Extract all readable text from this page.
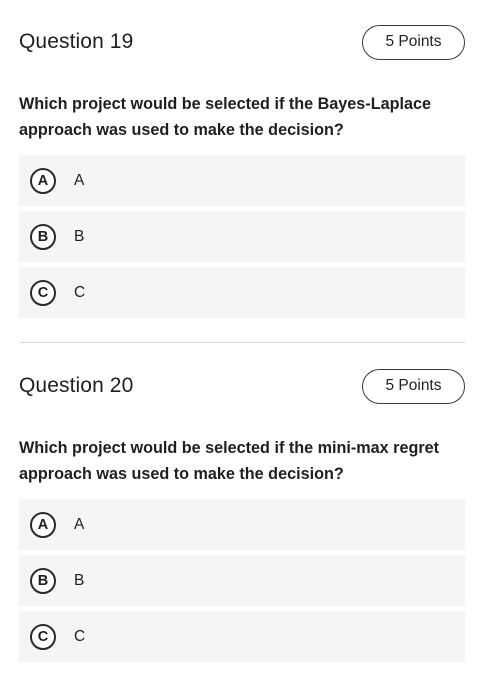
Question 19	5 Points
Which project would be selected if the Bayes-Laplace approach was used to make the decision?
A	A
B	B
C	C
Question 20	5 Points
Which project would be selected if the mini-max regret approach was used to make the decision?
A	A
B	B
C	C
